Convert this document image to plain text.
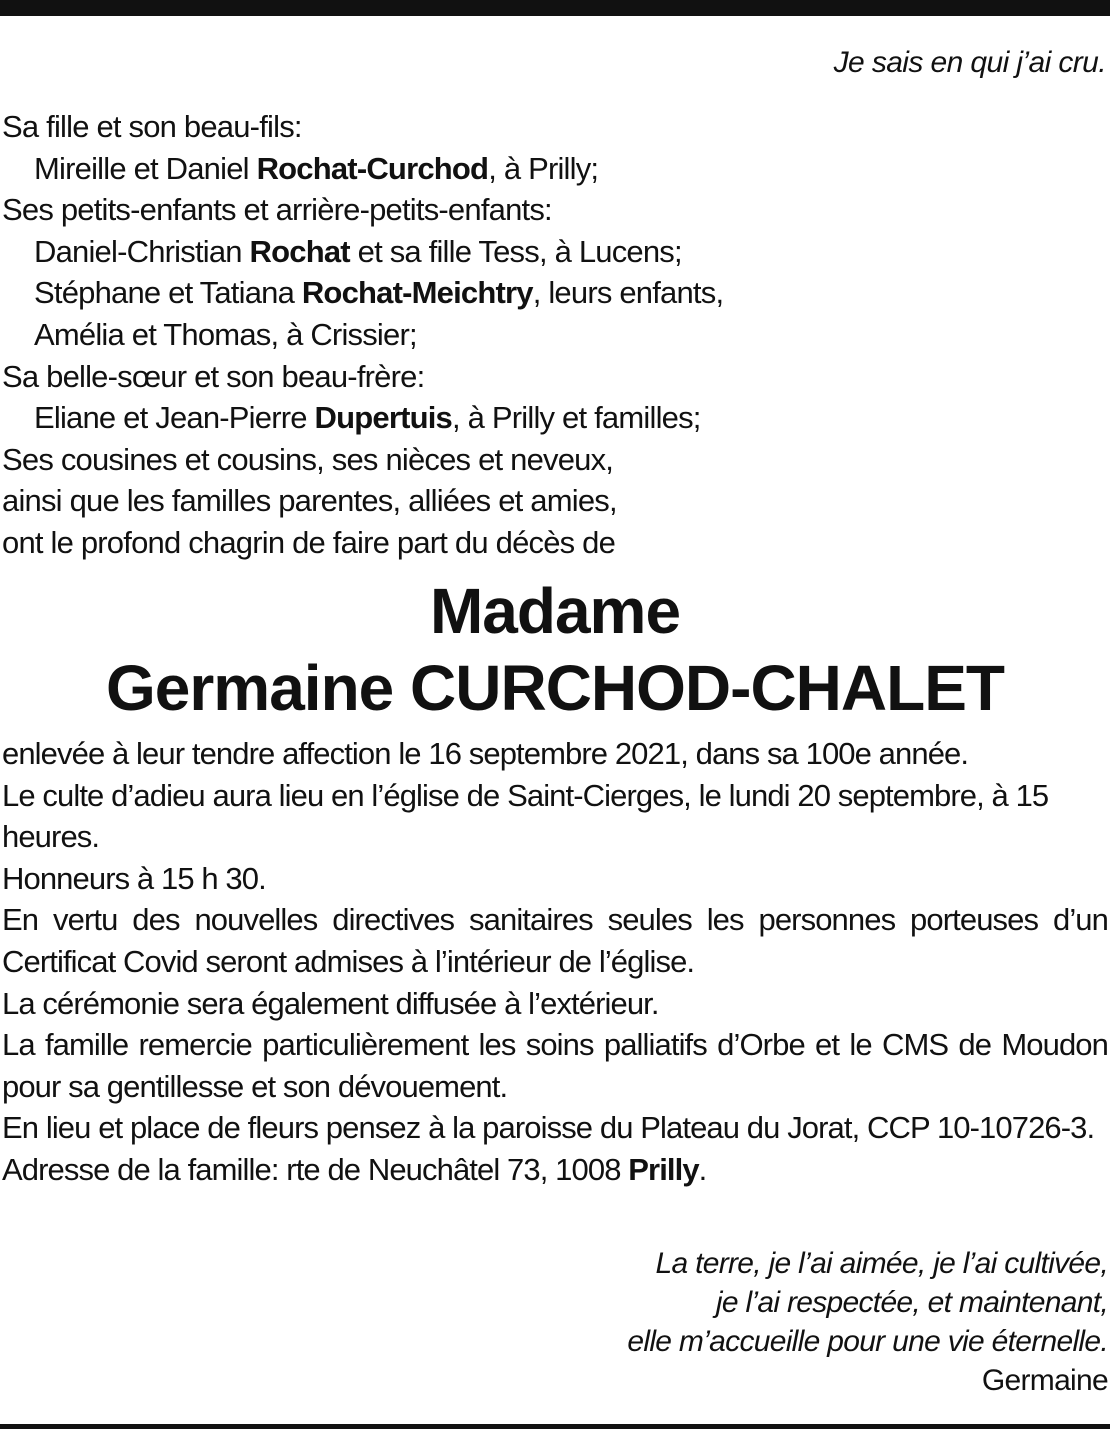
Je sais en qui j’ai cru.
Sa fille et son beau-fils:
Mireille et Daniel Rochat-Curchod, à Prilly;
Ses petits-enfants et arrière-petits-enfants:
Daniel-Christian Rochat et sa fille Tess, à Lucens;
Stéphane et Tatiana Rochat-Meichtry, leurs enfants,
Amélia et Thomas, à Crissier;
Sa belle-sœur et son beau-frère:
Eliane et Jean-Pierre Dupertuis, à Prilly et familles;
Ses cousines et cousins, ses nièces et neveux,
ainsi que les familles parentes, alliées et amies,
ont le profond chagrin de faire part du décès de
Madame
Germaine CURCHOD-CHALET

enlevée à leur tendre affection le 16 septembre 2021, dans sa 100e année.

Le culte d’adieu aura lieu en l’église de Saint-Cierges, le lundi 20 septembre, à 15 heures.

Honneurs à 15 h 30.

En vertu des nouvelles directives sanitaires seules les personnes porteuses d’un Certificat Covid seront admises à l’intérieur de l’église.

La cérémonie sera également diffusée à l’extérieur.

La famille remercie particulièrement les soins palliatifs d’Orbe et le CMS de Moudon pour sa gentillesse et son dévouement.

En lieu et place de fleurs pensez à la paroisse du Plateau du Jorat, CCP 10-10726-3.

Adresse de la famille: rte de Neuchâtel 73, 1008 Prilly.

La terre, je l’ai aimée, je l’ai cultivée,
je l’ai respectée, et maintenant,
elle m’accueille pour une vie éternelle.
Germaine
